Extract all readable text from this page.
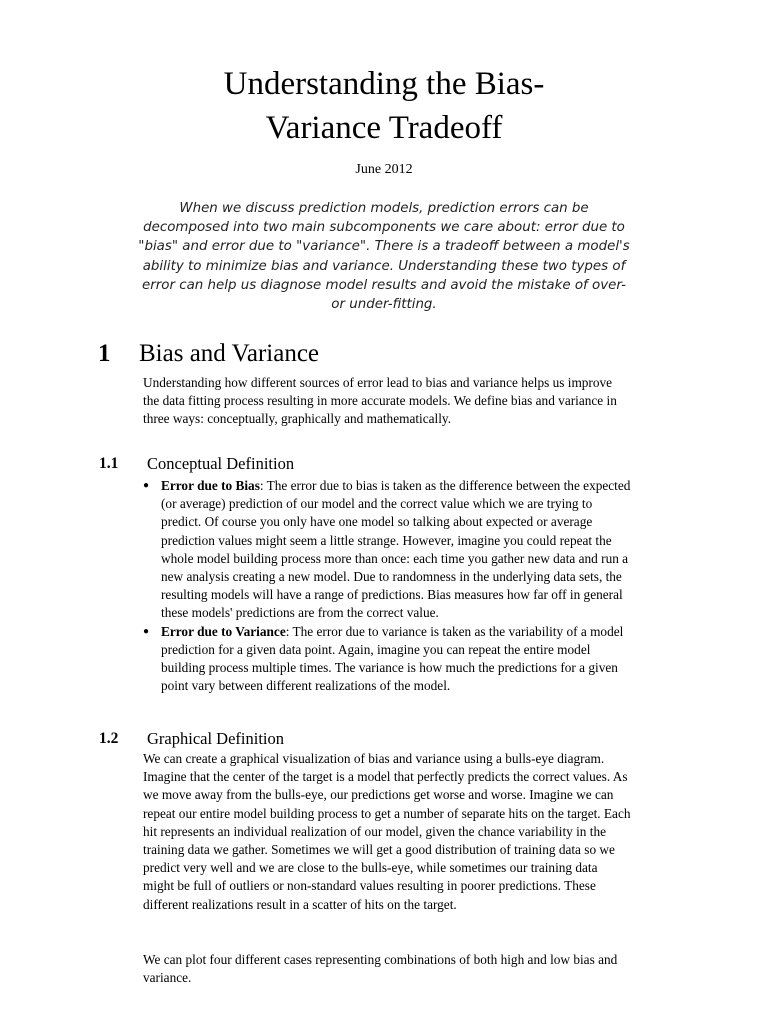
Understanding the Bias-
Variance Tradeoff
June 2012
When we discuss prediction models, prediction errors can be decomposed into two main subcomponents we care about: error due to "bias" and error due to "variance". There is a tradeoff between a model's ability to minimize bias and variance. Understanding these two types of error can help us diagnose model results and avoid the mistake of over- or under-fitting.
1 Bias and Variance
Understanding how different sources of error lead to bias and variance helps us improve the data fitting process resulting in more accurate models. We define bias and variance in three ways: conceptually, graphically and mathematically.
1.1 Conceptual Definition
● Error due to Bias: The error due to bias is taken as the difference between the expected (or average) prediction of our model and the correct value which we are trying to predict. Of course you only have one model so talking about expected or average prediction values might seem a little strange. However, imagine you could repeat the whole model building process more than once: each time you gather new data and run a new analysis creating a new model. Due to randomness in the underlying data sets, the resulting models will have a range of predictions. Bias measures how far off in general these models' predictions are from the correct value.
● Error due to Variance: The error due to variance is taken as the variability of a model prediction for a given data point. Again, imagine you can repeat the entire model building process multiple times. The variance is how much the predictions for a given point vary between different realizations of the model.
1.2 Graphical Definition
We can create a graphical visualization of bias and variance using a bulls-eye diagram. Imagine that the center of the target is a model that perfectly predicts the correct values. As we move away from the bulls-eye, our predictions get worse and worse. Imagine we can repeat our entire model building process to get a number of separate hits on the target. Each hit represents an individual realization of our model, given the chance variability in the training data we gather. Sometimes we will get a good distribution of training data so we predict very well and we are close to the bulls-eye, while sometimes our training data might be full of outliers or non-standard values resulting in poorer predictions. These different realizations result in a scatter of hits on the target.
We can plot four different cases representing combinations of both high and low bias and variance.
